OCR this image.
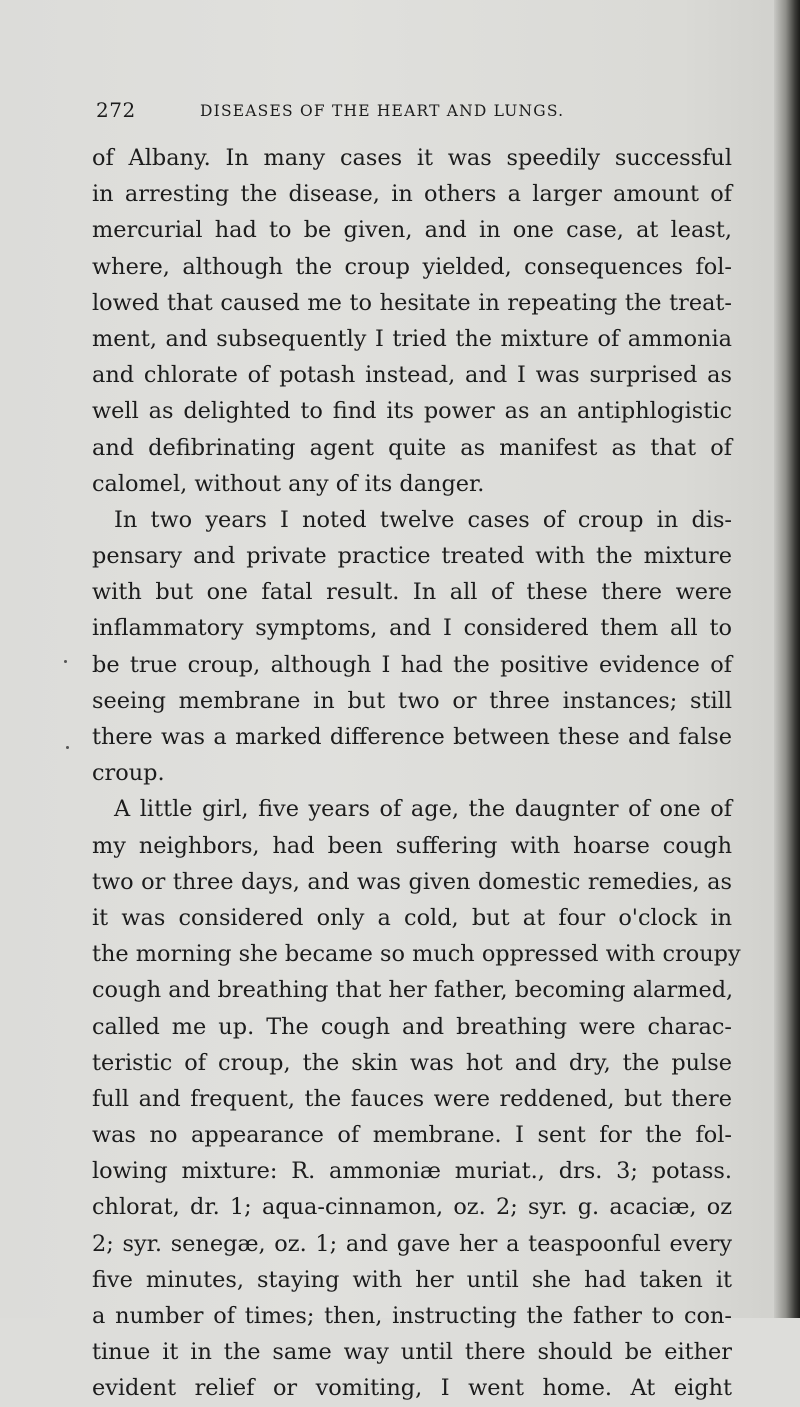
272	DISEASES OF THE HEART AND LUNGS.
of Albany. In many cases it was speedily successful
in arresting the disease, in others a larger amount of
mercurial had to be given, and in one case, at least,
where, although the croup yielded, consequences fol-
lowed that caused me to hesitate in repeating the treat-
ment, and subsequently I tried the mixture of ammonia
and chlorate of potash instead, and I was surprised as
well as delighted to find its power as an antiphlogistic
and defibrinating agent quite as manifest as that of
calomel, without any of its danger.
In two years I noted twelve cases of croup in dis-
pensary and private practice treated with the mixture
with but one fatal result. In all of these there were
inflammatory symptoms, and I considered them all to
be true croup, although I had the positive evidence of
seeing membrane in but two or three instances; still
there was a marked difference between these and false
croup.
A little girl, five years of age, the daugnter of one of
my neighbors, had been suffering with hoarse cough
two or three days, and was given domestic remedies, as
it was considered only a cold, but at four o'clock in
the morning she became so much oppressed with croupy
cough and breathing that her father, becoming alarmed,
called me up. The cough and breathing were charac-
teristic of croup, the skin was hot and dry, the pulse
full and frequent, the fauces were reddened, but there
was no appearance of membrane. I sent for the fol-
lowing mixture: R. ammoniæ muriat., drs. 3; potass.
chlorat, dr. 1; aqua-cinnamon, oz. 2; syr. g. acaciæ, oz
2; syr. senegæ, oz. 1; and gave her a teaspoonful every
five minutes, staying with her until she had taken it
a number of times; then, instructing the father to con-
tinue it in the same way until there should be either
evident relief or vomiting, I went home. At eight
